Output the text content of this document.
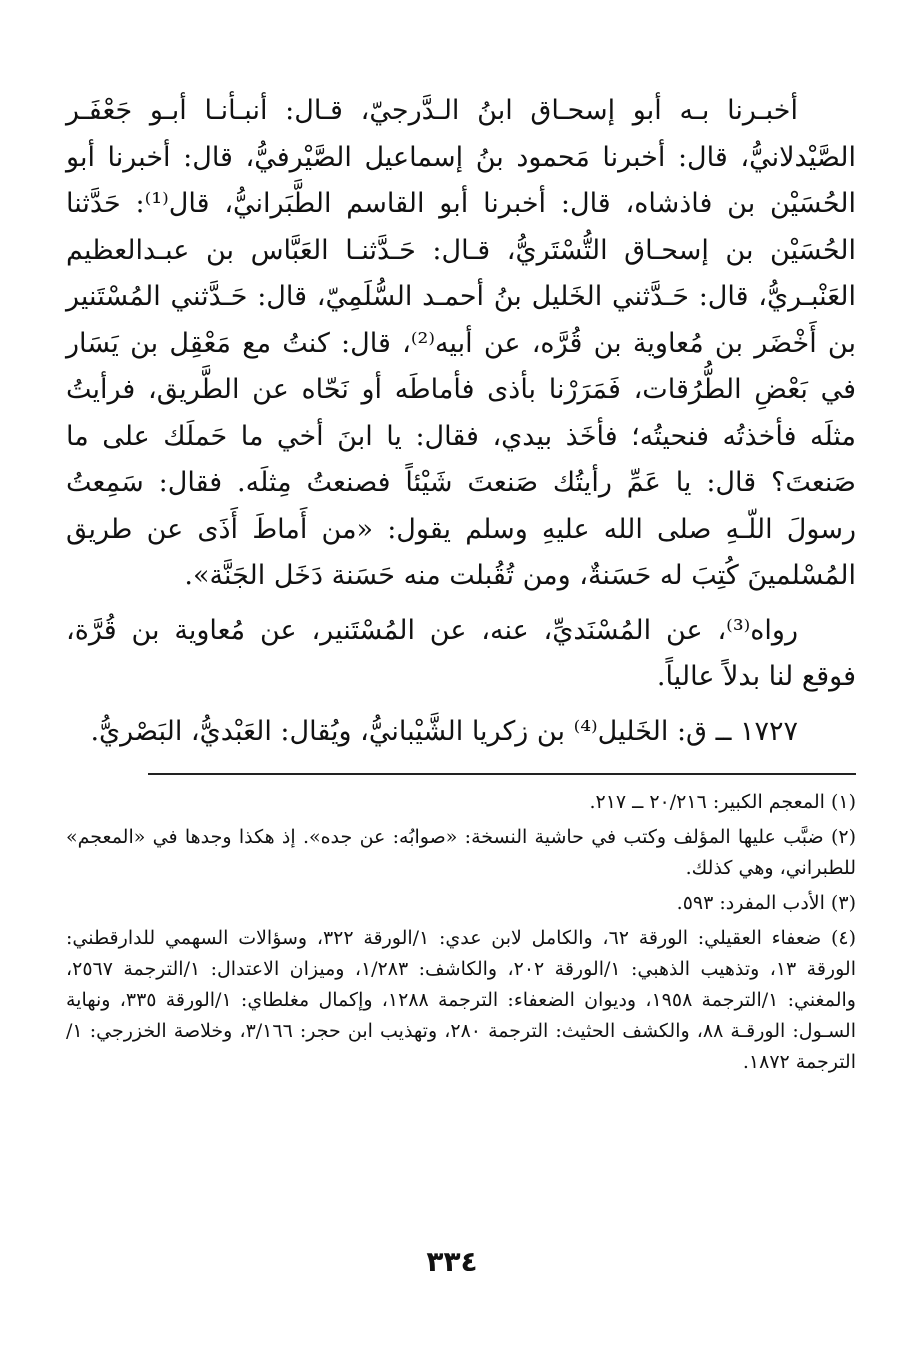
أخبـرنا بـه أبو إسحـاق ابنُ الـدَّرجيّ، قـال: أنبـأنـا أبـو جَعْفَـر الصَّيْدلانيُّ، قال: أخبرنا مَحمود بنُ إسماعيل الصَّيْرفيُّ، قال: أخبرنا أبو الحُسَيْن بن فاذشاه، قال: أخبرنا أبو القاسم الطَّبَرانيُّ، قال⁽¹⁾: حَدَّثنا الحُسَيْن بن إسحـاق التُّسْتَريُّ، قـال: حَـدَّثنـا العَبَّاس بن عبـدالعظيم العَنْبـريُّ، قال: حَـدَّثني الخَليل بنُ أحمـد السُّلَمِيّ، قال: حَـدَّثني المُسْتَنير بن أَخْضَر بن مُعاوية بن قُرَّه، عن أبيه⁽²⁾، قال: كنتُ مع مَعْقِل بن يَسَار في بَعْضِ الطُّرُقات، فَمَرَرْنا بأذى فأماطَه أو نَحّاه عن الطَّريق، فرأيتُ مثلَه فأخذتُه فنحيتُه؛ فأخَذ بيدي، فقال: يا ابنَ أخي ما حَملَك على ما صَنعتَ؟ قال: يا عَمِّ رأيتُك صَنعتَ شَيْئاً فصنعتُ مِثلَه. فقال: سَمِعتُ رسولَ اللّـهِ صلى الله عليهِ وسلم يقول: «من أَماطَ أَذَى عن طريق المُسْلمينَ كُتِبَ له حَسَنةٌ، ومن تُقُبلت منه حَسَنة دَخَل الجَنَّة».

رواه⁽³⁾، عن المُسْنَديِّ، عنه، عن المُسْتَنير، عن مُعاوية بن قُرَّة، فوقع لنا بدلاً عالياً.

١٧٢٧ ــ ق: الخَليل⁽⁴⁾ بن زكريا الشَّيْبانيُّ، ويُقال: العَبْديُّ، البَصْريُّ.

(١) المعجم الكبير: ٢٠/٢١٦ ــ ٢١٧.

(٢) ضبَّب عليها المؤلف وكتب في حاشية النسخة: «صوابُه: عن جده». إذ هكذا وجدها في «المعجم» للطبراني، وهي كذلك.

(٣) الأدب المفرد: ٥٩٣.

(٤) ضعفاء العقيلي: الورقة ٦٢، والكامل لابن عدي: ١/الورقة ٣٢٢، وسؤالات السهمي للدارقطني: الورقة ١٣، وتذهيب الذهبي: ١/الورقة ٢٠٢، والكاشف: ١/٢٨٣، وميزان الاعتدال: ١/الترجمة ٢٥٦٧، والمغني: ١/الترجمة ١٩٥٨، وديوان الضعفاء: الترجمة ١٢٨٨، وإكمال مغلطاي: ١/الورقة ٣٣٥، ونهاية السـول: الورقـة ٨٨، والكشف الحثيث: الترجمة ٢٨٠، وتهذيب ابن حجر: ٣/١٦٦، وخلاصة الخزرجي: ١/الترجمة ١٨٧٢.

٣٣٤
